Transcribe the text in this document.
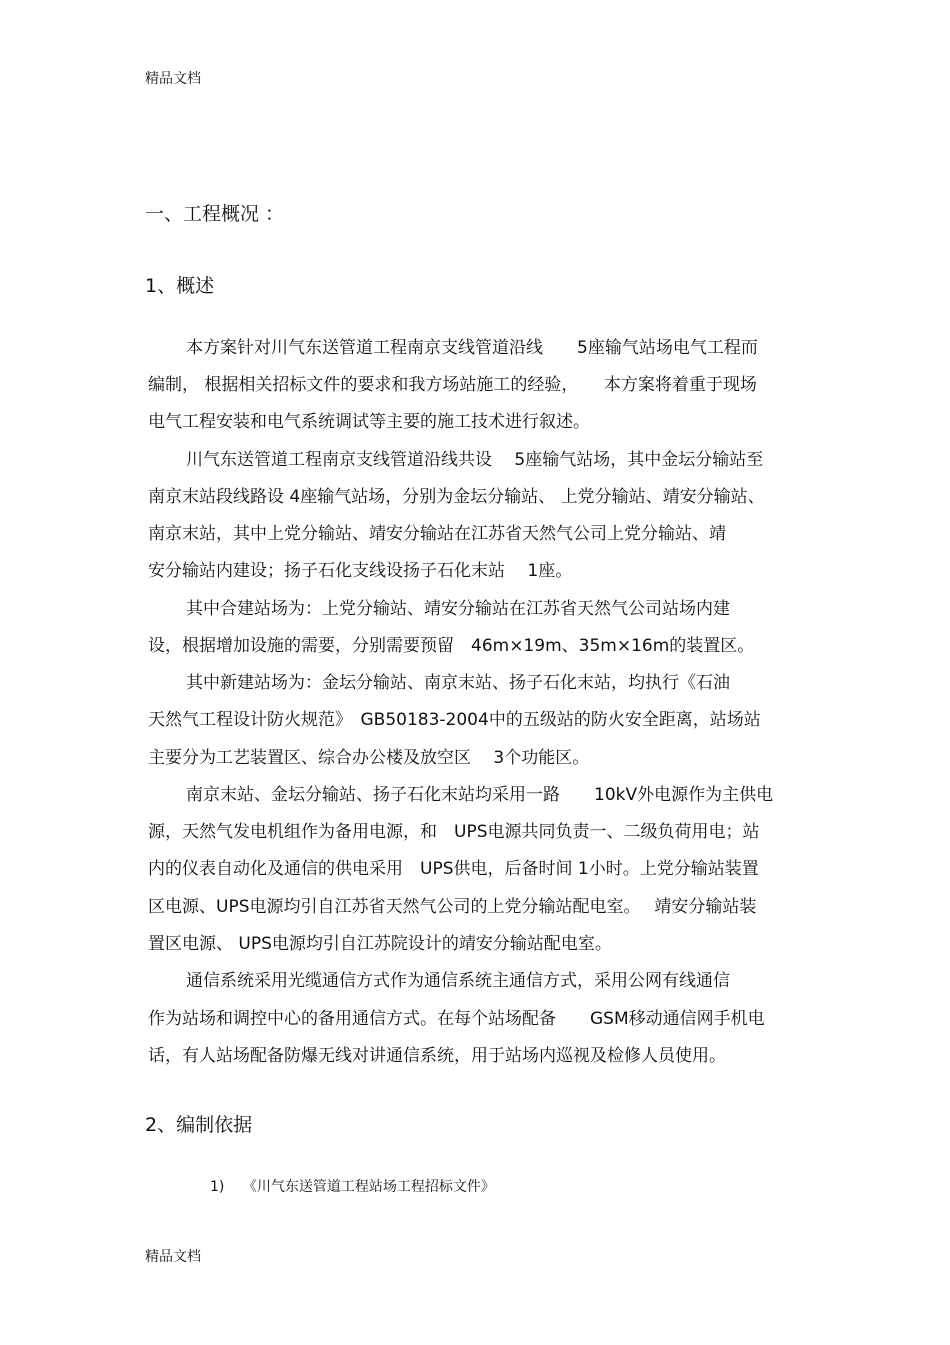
精品文档
一、工程概况 ：
1、概述
本方案针对川气东送管道工程南京支线管道沿线　　5座输气站场电气工程而
编制， 根据相关招标文件的要求和我方场站施工的经验，　　本方案将着重于现场
电气工程安装和电气系统调试等主要的施工技术进行叙述。
川气东送管道工程南京支线管道沿线共设　 5座输气站场，其中金坛分输站至
南京末站段线路设 4座输气站场，分别为金坛分输站、 上党分输站、靖安分输站、
南京末站，其中上党分输站、靖安分输站在江苏省天然气公司上党分输站、靖
安分输站内建设；扬子石化支线设扬子石化末站　 1座。
其中合建站场为：上党分输站、靖安分输站在江苏省天然气公司站场内建
设，根据增加设施的需要，分别需要预留　46m×19m、35m×16m的装置区。
其中新建站场为：金坛分输站、南京末站、扬子石化末站，均执行《石油
天然气工程设计防火规范》　GB50183-2004中的五级站的防火安全距离，站场站
主要分为工艺装置区、综合办公楼及放空区　 3个功能区。
南京末站、金坛分输站、扬子石化末站均采用一路　　10kV外电源作为主供电
源，天然气发电机组作为备用电源，和　UPS电源共同负责一、二级负荷用电；站
内的仪表自动化及通信的供电采用　UPS供电，后备时间 1小时。上党分输站装置
区电源、UPS电源均引自江苏省天然气公司的上党分输站配电室。　 靖安分输站装
置区电源、 UPS电源均引自江苏院设计的靖安分输站配电室。
通信系统采用光缆通信方式作为通信系统主通信方式，采用公网有线通信
作为站场和调控中心的备用通信方式。在每个站场配备　　GSM移动通信网手机电
话，有人站场配备防爆无线对讲通信系统，用于站场内巡视及检修人员使用。
2、编制依据
1)　 《川气东送管道工程站场工程招标文件》
精品文档
